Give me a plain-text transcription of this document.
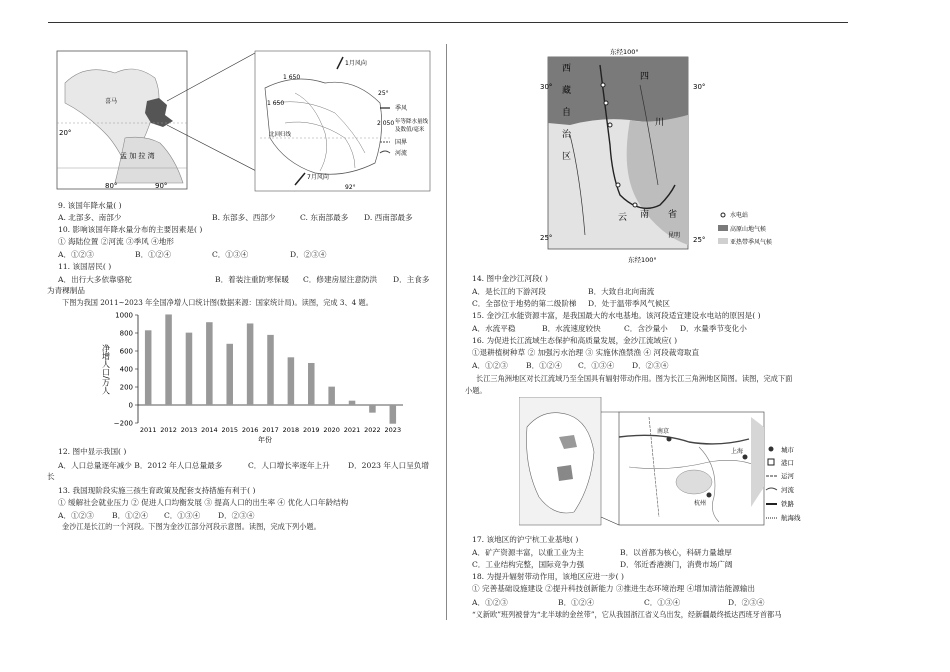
20°
80°	90°
孟 加 拉 湾
喜马
北回归线
1 650
1 650
1月风向
7月风向
25°
92°
季风
2 050 年等降水量线
及数值/毫米
国界
河流
9. 该国年降水量( )
A. 北部多、南部少	B. 东部多、西部少	C. 东南部最多 D. 西南部最多
10. 影响该国年降水量分布的主要因素是( )
① 海陆位置 ②河流 ③季风 ④地形
A．①②③	B．①②④	C．①③④	D．②③④
11. 该国居民( )
A．出行大多依靠骆驼	B．着装注重防寒保暖 C．修建房屋注意防洪 D．主食多
为青稞制品
下图为我国 2011~2023 年全国净增人口统计图(数据来源：国家统计局)。读图，完成 3、4 题。
净增人口/万人
1000
800
600
400
200
0
−200
2011 2012 2013 2014 2015 2016 2017 2018 2019 2020 2021 2022 2023
年份
12. 图中显示我国( )
A．人口总量逐年减少 B．2012 年人口总量最多	C．人口增长率逐年上升 D．2023 年人口呈负增
长
13. 我国现阶段实施三孩生育政策及配套支持措施有利于( )
① 缓解社会就业压力 ② 促进人口均衡发展 ③ 提高人口的出生率 ④ 优化人口年龄结构
A．①②③ B．①②④ C．①③④ D．②③④
金沙江是长江的一个河段。下图为金沙江部分河段示意图。读图，完成下列小题。
30°	30°
25°	25°
东经100°
东经100°
西
藏
自
治
区
四
川
云 南 省
昆明
水电站
高原山地气候
亚热带季风气候
14. 图中金沙江河段( )
A．是长江的下游河段	B．大致自北向南流
C．全部位于地势的第二级阶梯 D．处于温带季风气候区
15. 金沙江水能资源丰富，是我国最大的水电基地。该河段适宜建设水电站的原因是( )
A．水流平稳	B．水流速度较快	C．含沙量小 D．水量季节变化小
16. 为促进长江流域生态保护和高质量发展，金沙江流域应( )
①退耕植树种草 ② 加强污水治理 ③ 实施休渔禁渔 ④ 河段裁弯取直
A．①②③ B．①②④ C．①③④ D．②③④
长江三角洲地区对长江流域乃至全国具有辐射带动作用。图为长江三角洲地区简图。读图，完成下面
小题。
南京
上海
杭州
城市
港口
运河
河流
铁路
航海线
17. 该地区的沪宁杭工业基地( )
A．矿产资源丰富，以重工业为主	B．以首都为核心，科研力量雄厚
C．工业结构完整，国际竞争力强	D．邻近香港澳门，消费市场广阔
18. 为提升辐射带动作用，该地区应进一步( )
① 完善基础设施建设 ②提升科技创新能力 ③推进生态环境治理 ④增加清洁能源输出
A．①②③	B．①②④	C．①③④	D．②③④
“义新欧”班列被誉为“北半球的金丝带”，它从我国浙江省义乌出发，经新疆最终抵达西班牙首都马
